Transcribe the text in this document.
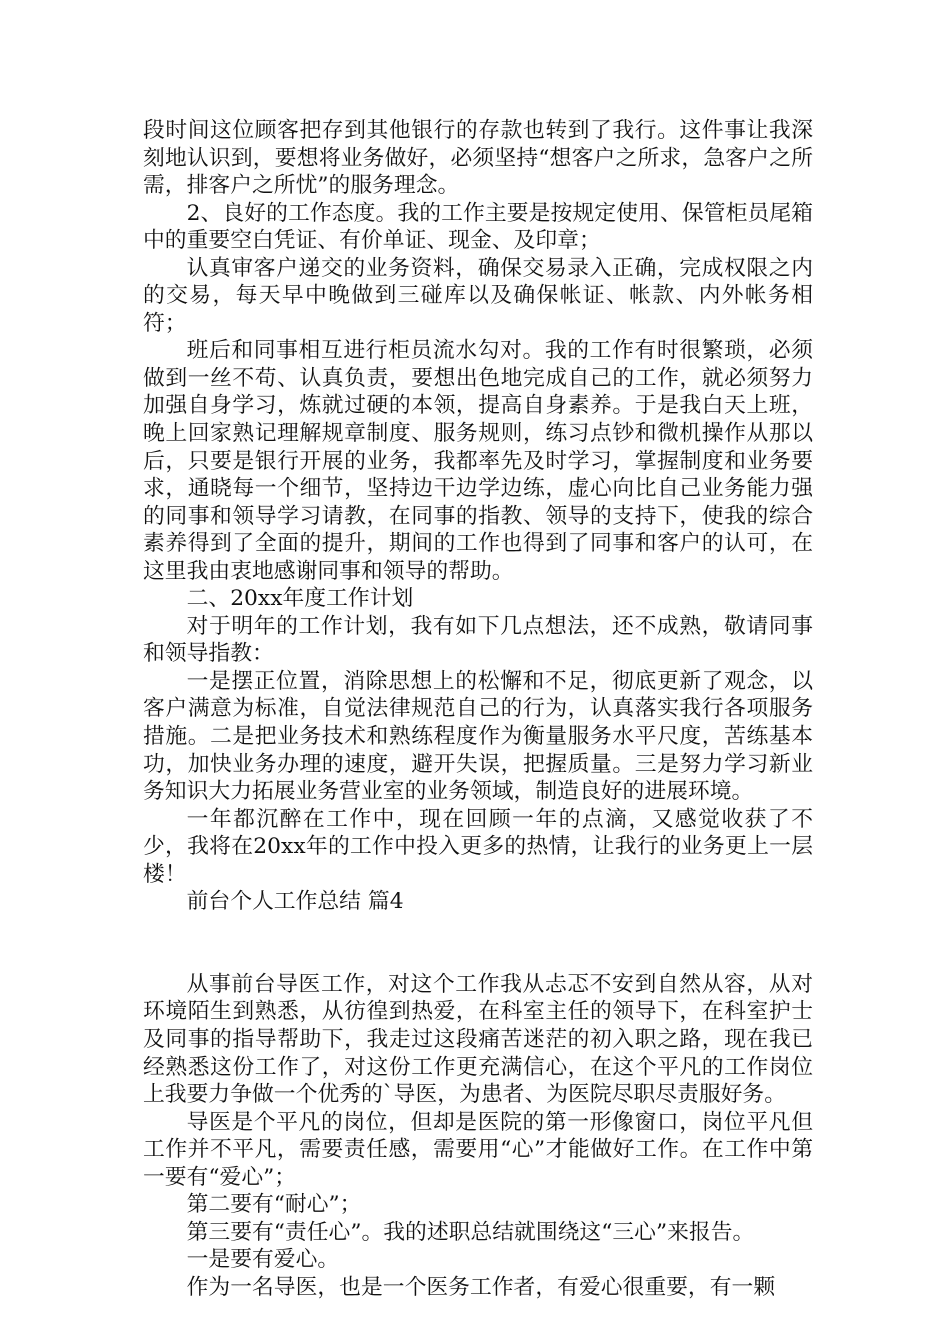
段时间这位顾客把存到其他银行的存款也转到了我行。这件事让我深刻地认识到，要想将业务做好，必须坚持“想客户之所求，急客户之所需，排客户之所忧”的服务理念。

2、良好的工作态度。我的工作主要是按规定使用、保管柜员尾箱中的重要空白凭证、有价单证、现金、及印章；

认真审客户递交的业务资料，确保交易录入正确，完成权限之内的交易，每天早中晚做到三碰库以及确保帐证、帐款、内外帐务相符；

班后和同事相互进行柜员流水勾对。我的工作有时很繁琐，必须做到一丝不苟、认真负责，要想出色地完成自己的工作，就必须努力加强自身学习，炼就过硬的本领，提高自身素养。于是我白天上班，晚上回家熟记理解规章制度、服务规则，练习点钞和微机操作从那以后，只要是银行开展的业务，我都率先及时学习，掌握制度和业务要求，通晓每一个细节，坚持边干边学边练，虚心向比自己业务能力强的同事和领导学习请教，在同事的指教、领导的支持下，使我的综合素养得到了全面的提升，期间的工作也得到了同事和客户的认可，在这里我由衷地感谢同事和领导的帮助。

二、20xx年度工作计划

对于明年的工作计划，我有如下几点想法，还不成熟，敬请同事和领导指教：

一是摆正位置，消除思想上的松懈和不足，彻底更新了观念，以客户满意为标准，自觉法律规范自己的行为，认真落实我行各项服务措施。二是把业务技术和熟练程度作为衡量服务水平尺度，苦练基本功，加快业务办理的速度，避开失误，把握质量。三是努力学习新业务知识大力拓展业务营业室的业务领域，制造良好的进展环境。

一年都沉醉在工作中，现在回顾一年的点滴，又感觉收获了不少，我将在20xx年的工作中投入更多的热情，让我行的业务更上一层楼！

前台个人工作总结 篇4

从事前台导医工作，对这个工作我从忐忑不安到自然从容，从对环境陌生到熟悉，从彷徨到热爱，在科室主任的领导下，在科室护士及同事的指导帮助下，我走过这段痛苦迷茫的初入职之路，现在我已经熟悉这份工作了，对这份工作更充满信心，在这个平凡的工作岗位上我要力争做一个优秀的`导医，为患者、为医院尽职尽责服好务。

导医是个平凡的岗位，但却是医院的第一形像窗口，岗位平凡但工作并不平凡，需要责任感，需要用“心”才能做好工作。在工作中第一要有“爱心”；

第二要有“耐心”；

第三要有“责任心”。我的述职总结就围绕这“三心”来报告。

一是要有爱心。

作为一名导医，也是一个医务工作者，有爱心很重要，有一颗
